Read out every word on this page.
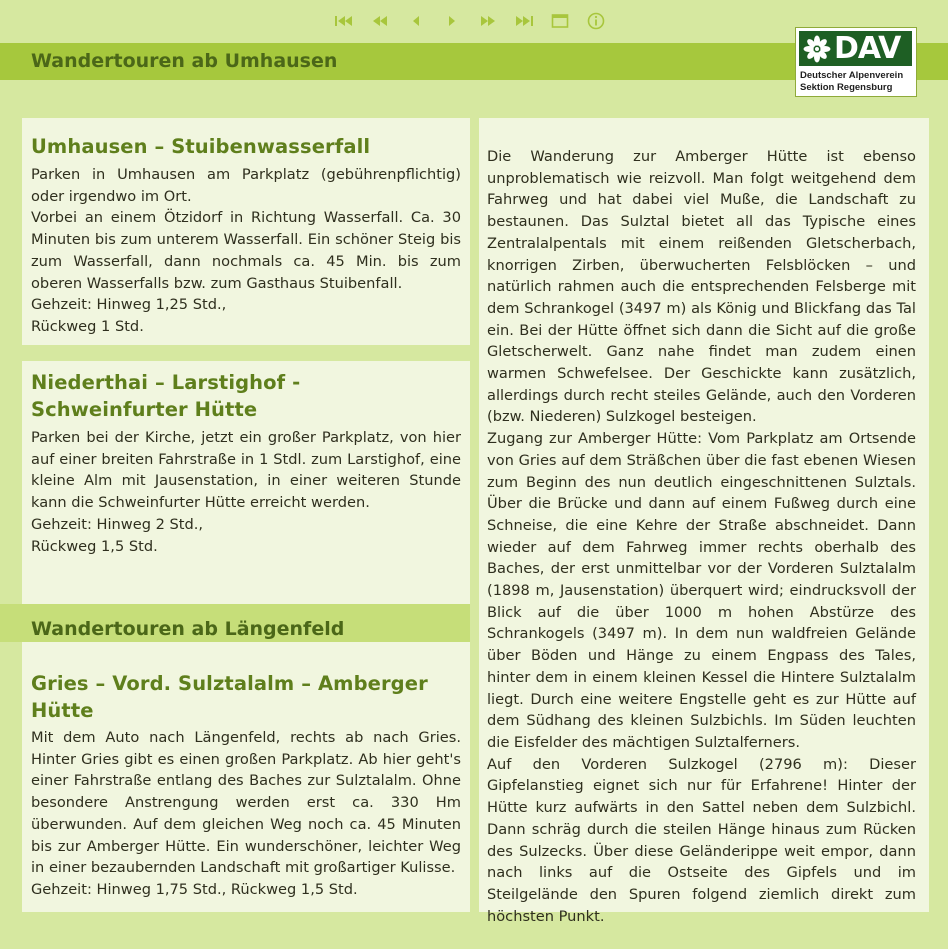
Wandertouren ab Umhausen	DAV
Deutscher Alpenverein
Sektion Regensburg
Wandertouren ab Längenfeld
Umhausen – Stuibenwasserfall
Parken in Umhausen am Parkplatz (gebührenpflichtig) oder irgendwo im Ort.
Vorbei an einem Ötzidorf in Richtung Wasserfall. Ca. 30 Minuten bis zum unterem Wasserfall. Ein schöner Steig bis zum Wasserfall, dann nochmals ca. 45 Min. bis zum oberen Wasserfalls bzw. zum Gasthaus Stuibenfall.
Gehzeit: Hinweg 1,25 Std.,
Rückweg 1 Std.
Niederthai – Larstighof - Schweinfurter Hütte
Parken bei der Kirche, jetzt ein großer Parkplatz, von hier auf einer breiten Fahrstraße in 1 Stdl. zum Larstighof, eine kleine Alm mit Jausenstation, in einer weiteren Stunde kann die Schweinfurter Hütte erreicht werden.
Gehzeit: Hinweg 2 Std.,
Rückweg 1,5 Std.
Gries – Vord. Sulztalalm – Amberger Hütte
Mit dem Auto nach Längenfeld, rechts ab nach Gries. Hinter Gries gibt es einen großen Parkplatz. Ab hier geht's einer Fahrstraße entlang des Baches zur Sulztalalm. Ohne besondere Anstrengung werden erst ca. 330 Hm überwunden. Auf dem gleichen Weg noch ca. 45 Minuten bis zur Amberger Hütte. Ein wunderschöner, leichter Weg in einer bezaubernden Landschaft mit großartiger Kulisse.
Gehzeit: Hinweg 1,75 Std., Rückweg 1,5 Std.
Die Wanderung zur Amberger Hütte ist ebenso unproblematisch wie reizvoll. Man folgt weitgehend dem Fahrweg und hat dabei viel Muße, die Landschaft zu bestaunen. Das Sulztal bietet all das Typische eines Zentralalpentals mit einem reißenden Gletscherbach, knorrigen Zirben, überwucherten Felsblöcken – und natürlich rahmen auch die entsprechenden Felsberge mit dem Schrankogel (3497 m) als König und Blickfang das Tal ein. Bei der Hütte öffnet sich dann die Sicht auf die große Gletscherwelt. Ganz nahe findet man zudem einen warmen Schwefelsee. Der Geschickte kann zusätzlich, allerdings durch recht steiles Gelände, auch den Vorderen (bzw. Niederen) Sulzkogel besteigen.
Zugang zur Amberger Hütte: Vom Parkplatz am Ortsende von Gries auf dem Sträßchen über die fast ebenen Wiesen zum Beginn des nun deutlich eingeschnittenen Sulztals. Über die Brücke und dann auf einem Fußweg durch eine Schneise, die eine Kehre der Straße abschneidet. Dann wieder auf dem Fahrweg immer rechts oberhalb des Baches, der erst unmittelbar vor der Vorderen Sulztalalm (1898 m, Jausenstation) überquert wird; eindrucksvoll der Blick auf die über 1000 m hohen Abstürze des Schrankogels (3497 m). In dem nun waldfreien Gelände über Böden und Hänge zu einem Engpass des Tales, hinter dem in einem kleinen Kessel die Hintere Sulztalalm liegt. Durch eine weitere Engstelle geht es zur Hütte auf dem Südhang des kleinen Sulzbichls. Im Süden leuchten die Eisfelder des mächtigen Sulztalferners.
Auf den Vorderen Sulzkogel (2796 m): Dieser Gipfelanstieg eignet sich nur für Erfahrene! Hinter der Hütte kurz aufwärts in den Sattel neben dem Sulzbichl. Dann schräg durch die steilen Hänge hinaus zum Rücken des Sulzecks. Über diese Geländerippe weit empor, dann nach links auf die Ostseite des Gipfels und im Steilgelände den Spuren folgend ziemlich direkt zum höchsten Punkt.
